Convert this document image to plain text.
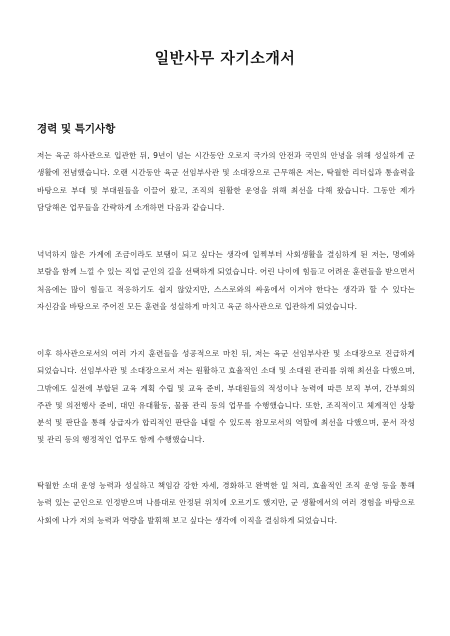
일반사무 자기소개서
경력 및 특기사항

저는 육군 하사관으로 입관한 뒤, 9년이 넘는 시간동안 오로지 국가의 안전과 국민의 안녕을 위해 성실하게 군 생활에 전념했습니다. 오랜 시간동안 육군 선임부사관 및 소대장으로 근무해온 저는, 탁월한 리더십과 통솔력을 바탕으로 부대 및 부대원들을 이끌어 왔고, 조직의 원활한 운영을 위해 최선을 다해 왔습니다. 그동안 제가 담당해온 업무들을 간략하게 소개하면 다음과 같습니다.

넉넉하지 않은 가계에 조금이라도 보탬이 되고 싶다는 생각에 일찍부터 사회생활을 결심하게 된 저는, 명예와 보람을 함께 느낄 수 있는 직업 군인의 길을 선택하게 되었습니다. 어린 나이에 힘들고 어려운 훈련들을 받으면서 처음에는 많이 힘들고 적응하기도 쉽지 않았지만, 스스로와의 싸움에서 이겨야 한다는 생각과 할 수 있다는 자신감을 바탕으로 주어진 모든 훈련을 성실하게 마치고 육군 하사관으로 입관하게 되었습니다.

이후 하사관으로서의 여러 가지 훈련들을 성공적으로 마친 뒤, 저는 육군 선임부사관 및 소대장으로 진급하게 되었습니다. 선임부사관 및 소대장으로서 저는 원활하고 효율적인 소대 및 소대원 관리를 위해 최선을 다했으며, 그밖에도 실전에 부합된 교육 계획 수립 및 교육 준비, 부대원들의 적성이나 능력에 따른 보직 부여, 간부회의 주관 및 의전행사 준비, 대민 유대활동, 물품 관리 등의 업무를 수행했습니다. 또한, 조직적이고 체계적인 상황 분석 및 판단을 통해 상급자가 합리적인 판단을 내릴 수 있도록 참모로서의 역할에 최선을 다했으며, 문서 작성 및 관리 등의 행정적인 업무도 함께 수행했습니다.

탁월한 소대 운영 능력과 성실하고 책임감 강한 자세, 경화하고 완벽한 일 처리, 효율적인 조직 운영 등을 통해 능력 있는 군인으로 인정받으며 나름대로 안정된 위치에 오르기도 했지만, 군 생활에서의 여러 경험을 바탕으로 사회에 나가 저의 능력과 역량을 발휘해 보고 싶다는 생각에 이직을 결심하게 되었습니다.
